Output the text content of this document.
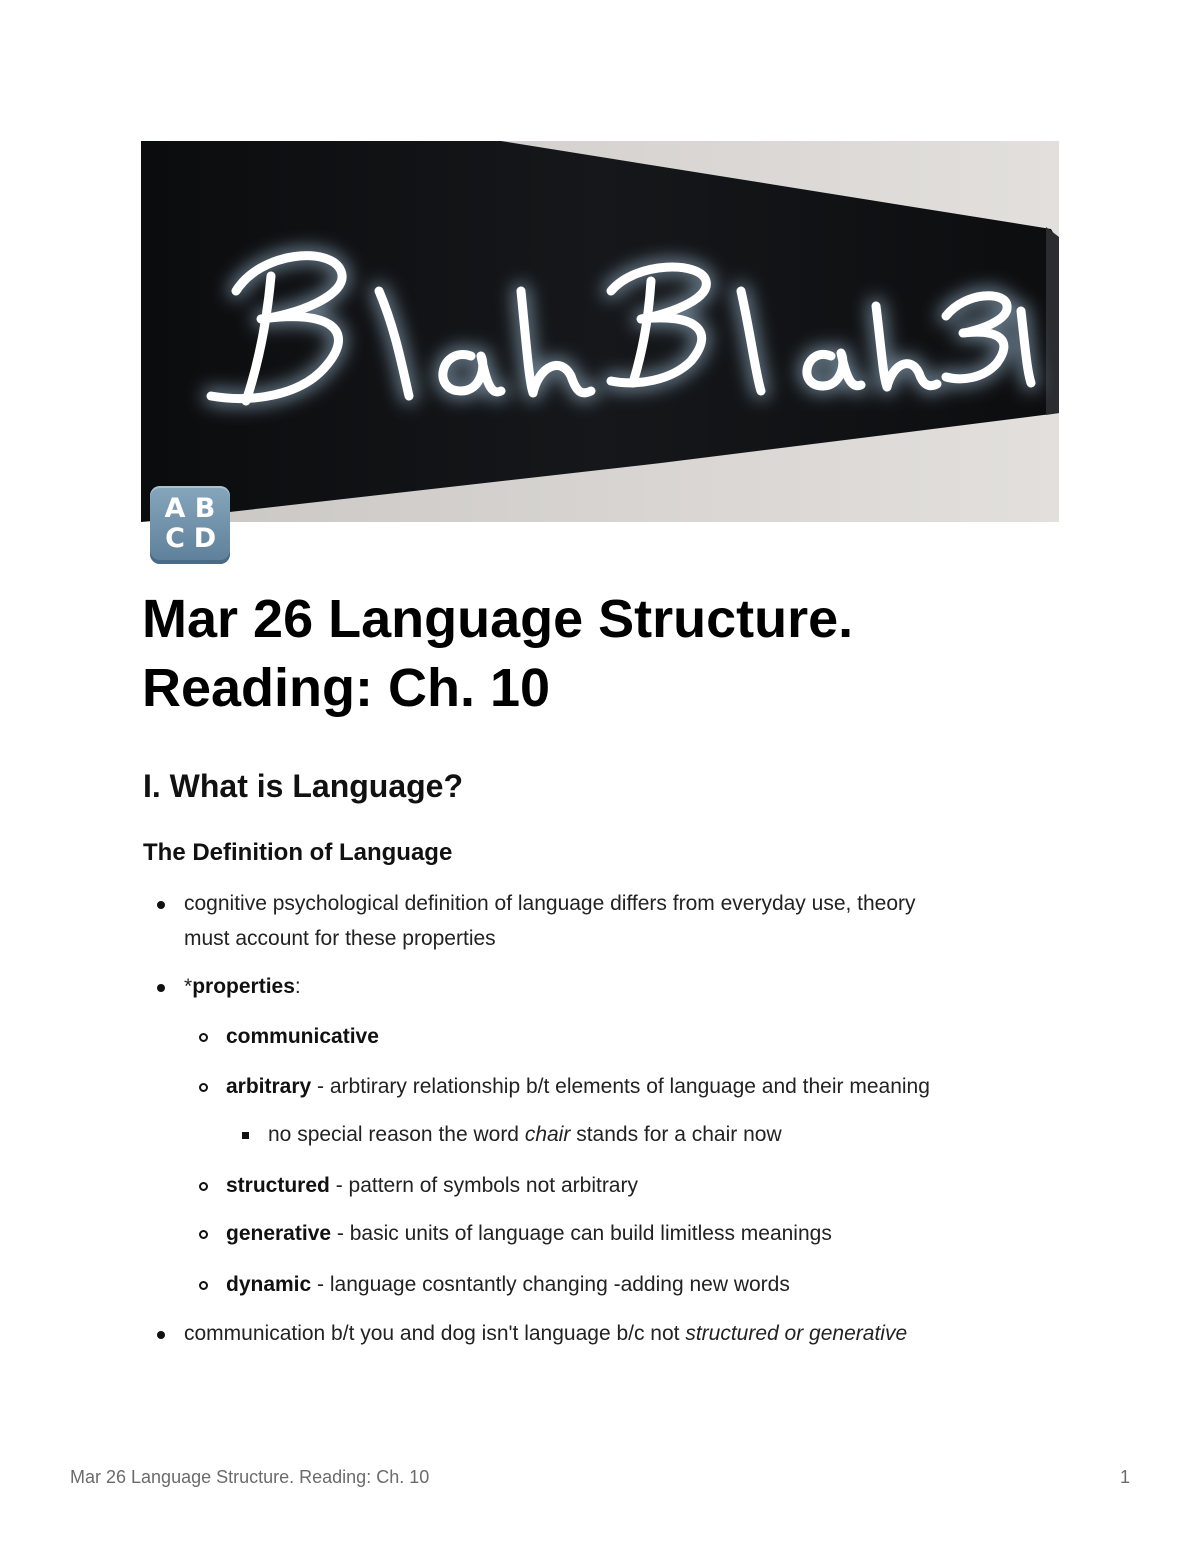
A B
C D
Mar 26 Language Structure.
Reading: Ch. 10
I. What is Language?
The Definition of Language

cognitive psychological definition of language differs from everyday use, theory
must account for these properties

*properties:

communicative

arbitrary - arbtirary relationship b/t elements of language and their meaning

no special reason the word chair stands for a chair now

structured - pattern of symbols not arbitrary

generative - basic units of language can build limitless meanings

dynamic - language cosntantly changing -adding new words

communication b/t you and dog isn't language b/c not structured or generative

Mar 26 Language Structure. Reading: Ch. 10	1
